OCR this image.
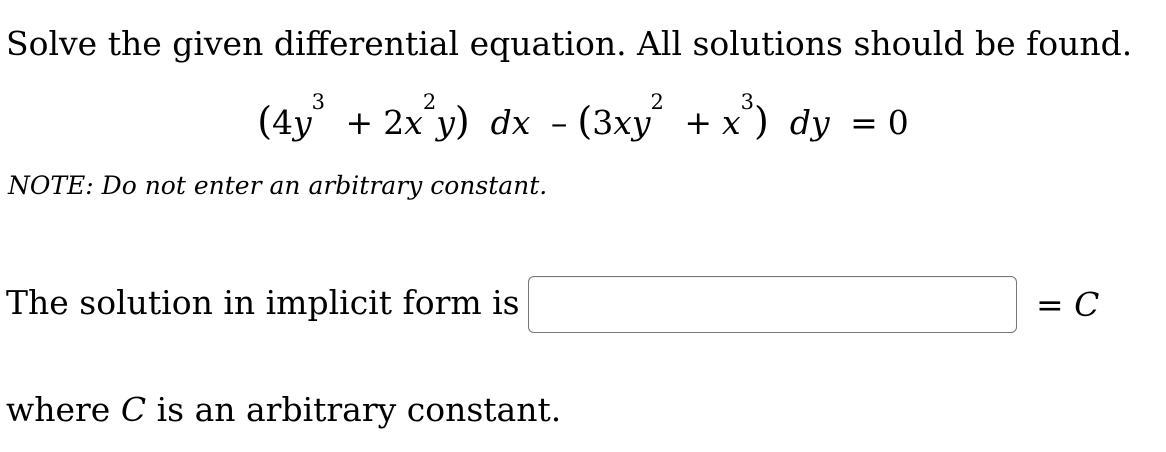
Solve the given differential equation. All solutions should be found.
$(4y^3 + 2x^2y)$ dx – $(3xy^2 + x^3)$ dy = 0
NOTE: Do not enter an arbitrary constant.
The solution in implicit form is	= C
where C is an arbitrary constant.
